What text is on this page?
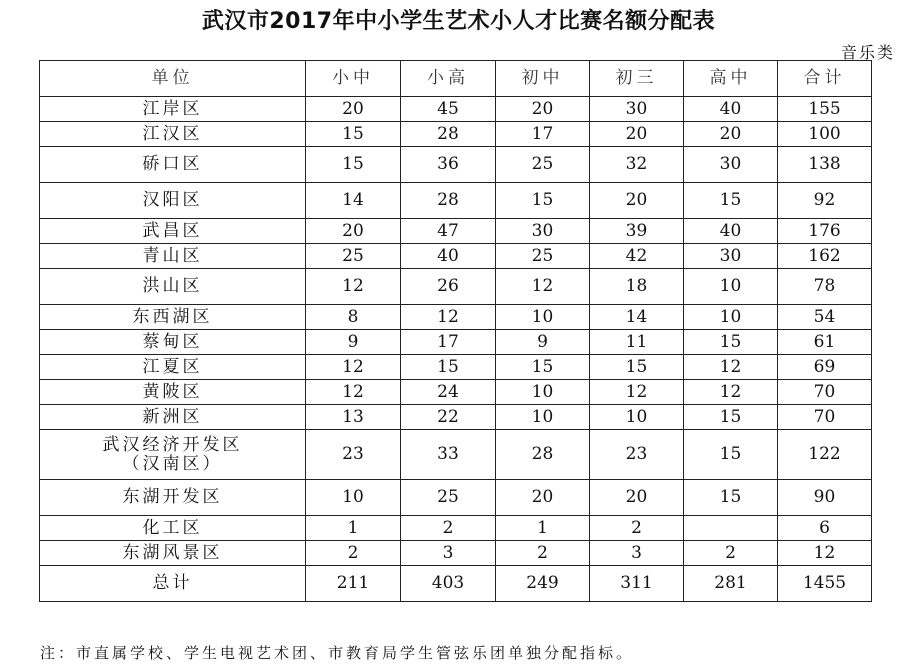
武汉市2017年中小学生艺术小人才比赛名额分配表
音乐类
单位	小中	小高	初中	初三	高中	合计

江岸区	20	45	20	30	40	155

江汉区	15	28	17	20	20	100

硚口区	15	36	25	32	30	138

汉阳区	14	28	15	20	15	92

武昌区	20	47	30	39	40	176

青山区	25	40	25	42	30	162

洪山区	12	26	12	18	10	78

东西湖区	8	12	10	14	10	54

蔡甸区	9	17	9	11	15	61

江夏区	12	15	15	15	12	69

黄陂区	12	24	10	12	12	70

新洲区	13	22	10	10	15	70

武汉经济开发区
（汉南区）	23	33	28	23	15	122

东湖开发区	10	25	20	20	15	90

化工区	1	2	1	2		6

东湖风景区	2	3	2	3	2	12

总计	211	403	249	311	281	1455
注：市直属学校、学生电视艺术团、市教育局学生管弦乐团单独分配指标。
